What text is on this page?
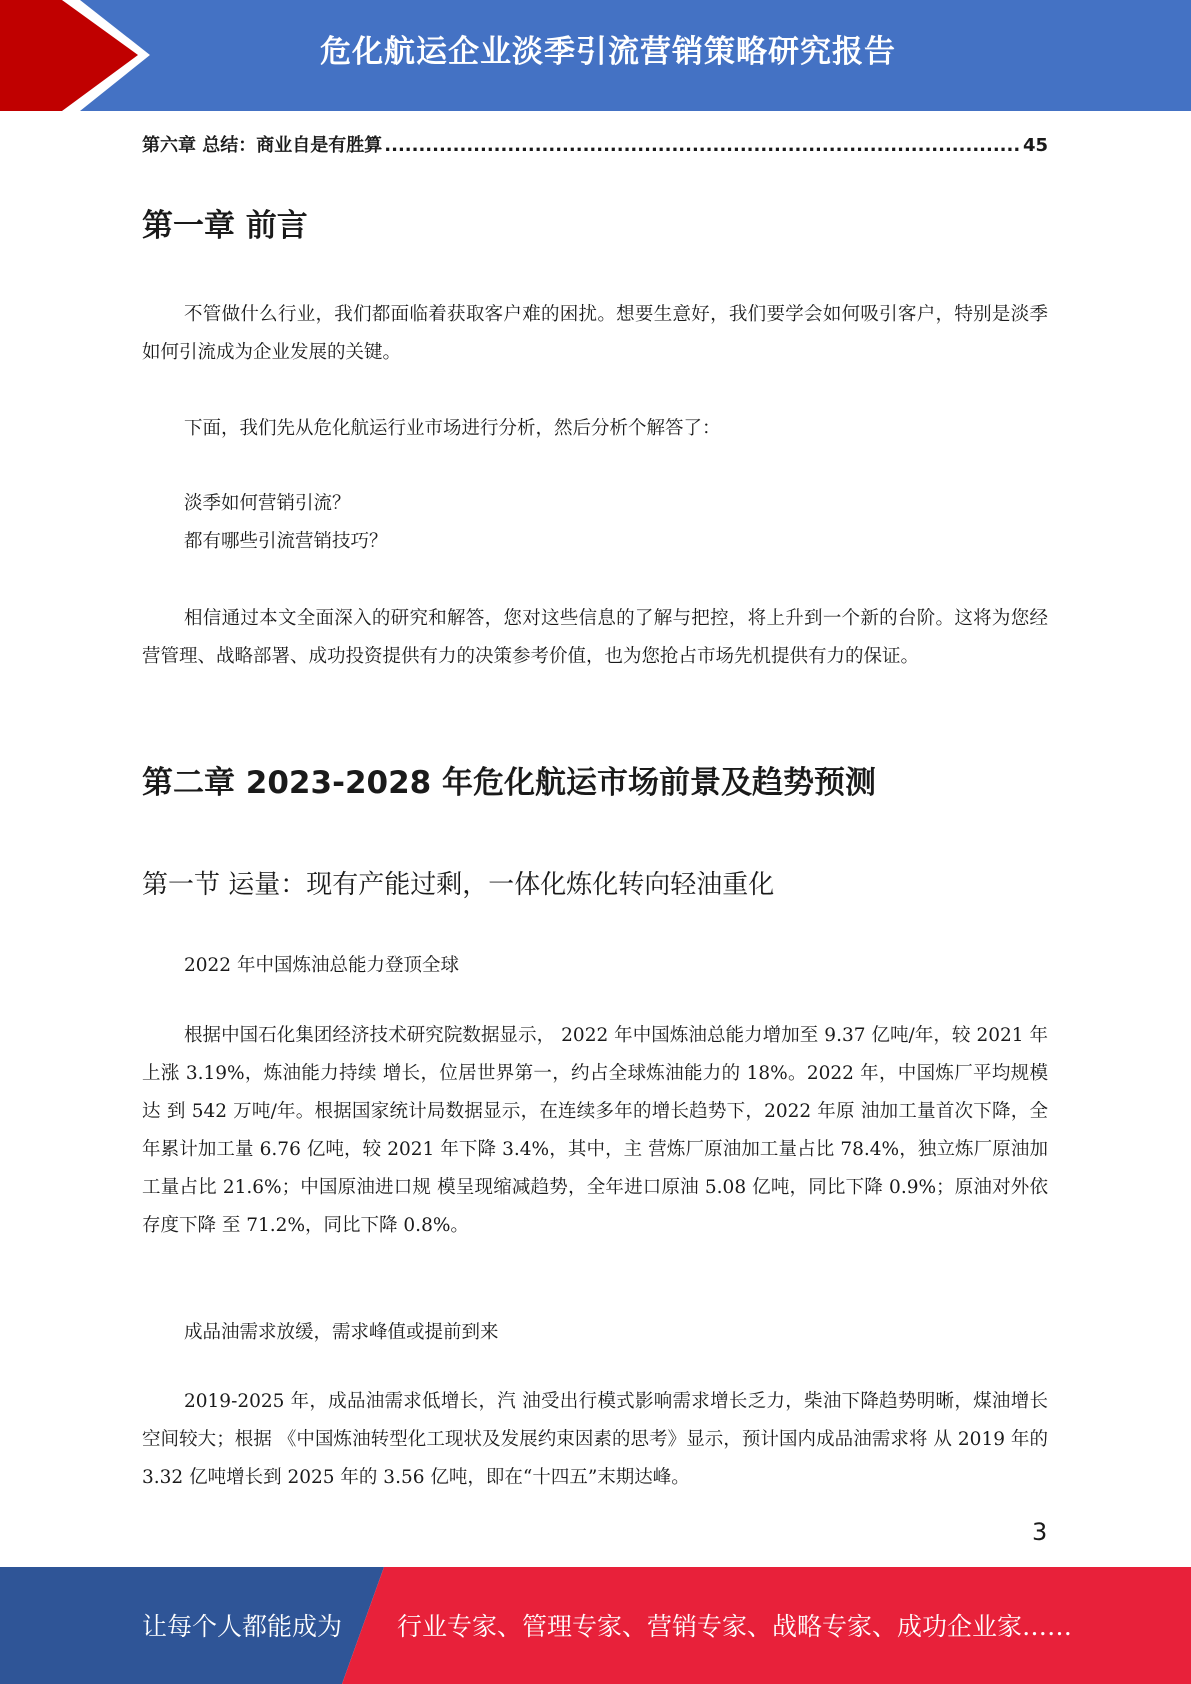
危化航运企业淡季引流营销策略研究报告
第六章 总结：商业自是有胜算
.....	45
第一章 前言

不管做什么行业，我们都面临着获取客户难的困扰。想要生意好，我们要学会如何吸引客户，特别是淡季如何引流成为企业发展的关键。

下面，我们先从危化航运行业市场进行分析，然后分析个解答了：

淡季如何营销引流？

都有哪些引流营销技巧？

相信通过本文全面深入的研究和解答，您对这些信息的了解与把控，将上升到一个新的台阶。这将为您经营管理、战略部署、成功投资提供有力的决策参考价值，也为您抢占市场先机提供有力的保证。

第二章 2023-2028 年危化航运市场前景及趋势预测
第一节 运量：现有产能过剩，一体化炼化转向轻油重化

2022 年中国炼油总能力登顶全球

根据中国石化集团经济技术研究院数据显示， 2022 年中国炼油总能力增加至 9.37 亿吨/年，较 2021 年上涨 3.19%，炼油能力持续 增长，位居世界第一，约占全球炼油能力的 18%。2022 年，中国炼厂平均规模达 到 542 万吨/年。根据国家统计局数据显示，在连续多年的增长趋势下，2022 年原 油加工量首次下降，全年累计加工量 6.76 亿吨，较 2021 年下降 3.4%，其中，主 营炼厂原油加工量占比 78.4%，独立炼厂原油加工量占比 21.6%；中国原油进口规 模呈现缩减趋势，全年进口原油 5.08 亿吨，同比下降 0.9%；原油对外依存度下降 至 71.2%，同比下降 0.8%。

成品油需求放缓，需求峰值或提前到来

2019-2025 年，成品油需求低增长，汽 油受出行模式影响需求增长乏力，柴油下降趋势明晰，煤油增长空间较大；根据 《中国炼油转型化工现状及发展约束因素的思考》显示，预计国内成品油需求将 从 2019 年的 3.32 亿吨增长到 2025 年的 3.56 亿吨，即在“十四五”末期达峰。

3
让每个人都能成为 行业专家、管理专家、营销专家、战略专家、成功企业家……
